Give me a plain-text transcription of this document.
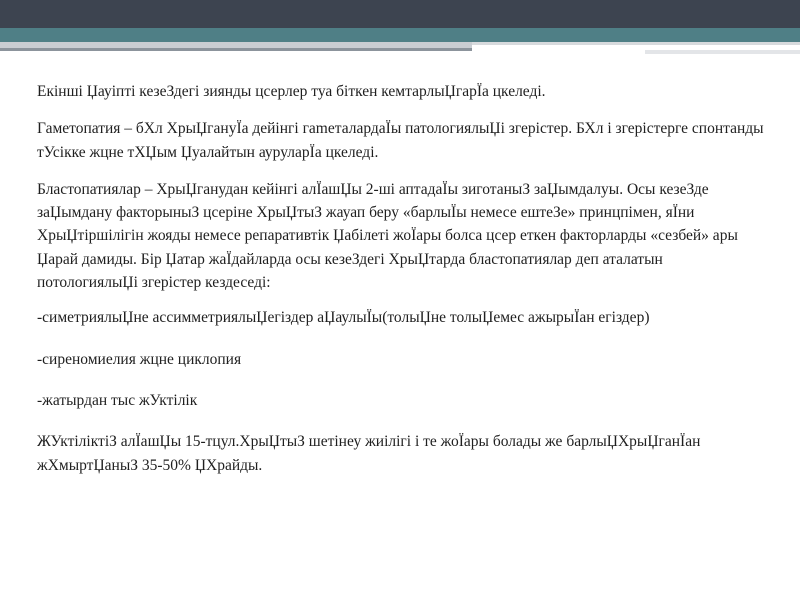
Екінші Џауіпті кезеЗдегі зиянды цсерлер туа біткен кемтарлыЏгарЇа цкеледі.

Гаметопатия – бХл ХрыЏгануЇа дейінгі гameталардаЇы патологиялыЏі згерістер. БХл і згерістерге спонтанды тУсікке жцне тХЏым Џуалайтын ауруларЇа цкеледі.

Бластопатиялар – ХрыЏганудан кейінгі алЇашЏы 2-ші аптадаЇы зиготаныЗ заЏымдалуы. Осы кезеЗде заЏымдану факторыныЗ цсеріне ХрыЏтыЗ жауап беру «барлыЇы немесе ештеЗе» принцпімен, яЇни ХрыЏтіршілігін жояды немесе репаративтік Џабілеті жоЇары болса цсер еткен факторларды «сезбей» ары Џарай дамиды. Бір Џатар жаЇдайларда осы кезеЗдегі ХрыЏтарда бластопатиялар деп аталатын потологиялыЏі згерістер кездеседі:

-симетриялыЏне ассимметриялыЏегіздер аЏаулыЇы(толыЏне толыЏемес ажырыЇан егіздер)

-сиреномиелия жцне циклопия

-жатырдан тыс жУктілік

ЖУктіліктіЗ алЇашЏы 15-тцул.ХрыЏтыЗ шетінеу жиілігі і те жоЇары болады же барлыЏХрыЏганЇан жХмыртЏаныЗ 35-50% ЏХрайды.
